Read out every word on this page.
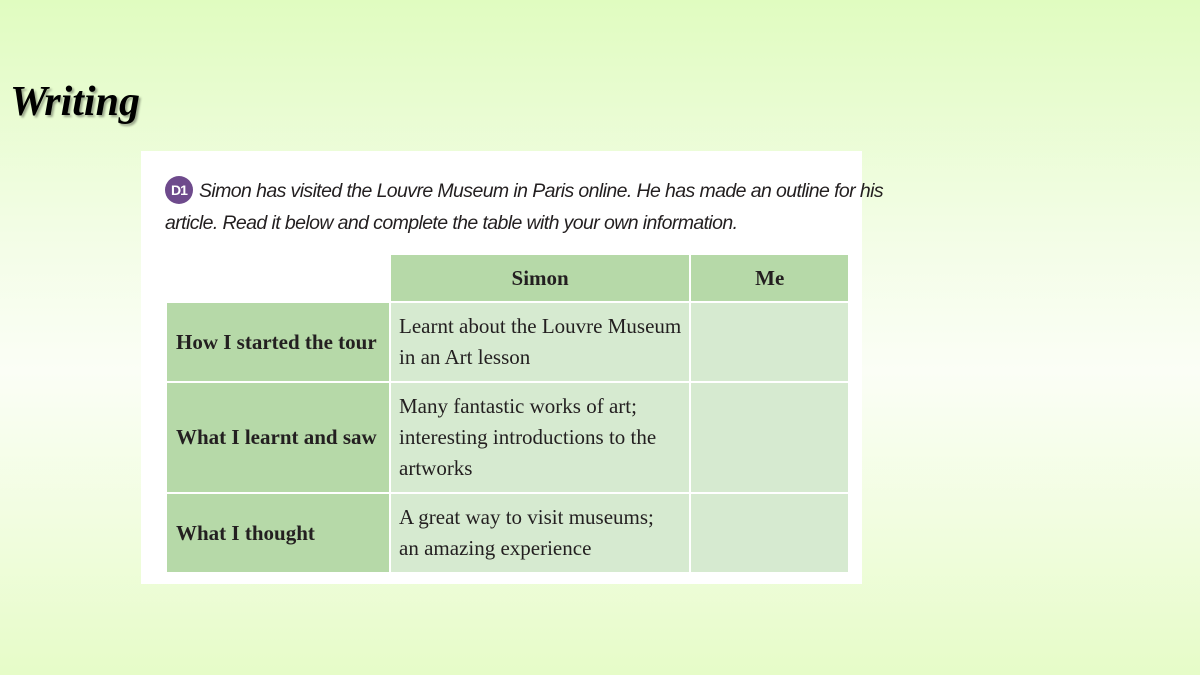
Writing
D1 Simon has visited the Louvre Museum in Paris online. He has made an outline for his
article. Read it below and complete the table with your own information.
	Simon	Me
How I started the tour	Learnt about the Louvre Museum
in an Art lesson	

What I learnt and saw	Many fantastic works of art;
interesting introductions to the
artworks	

What I thought	A great way to visit museums;
an amazing experience	
